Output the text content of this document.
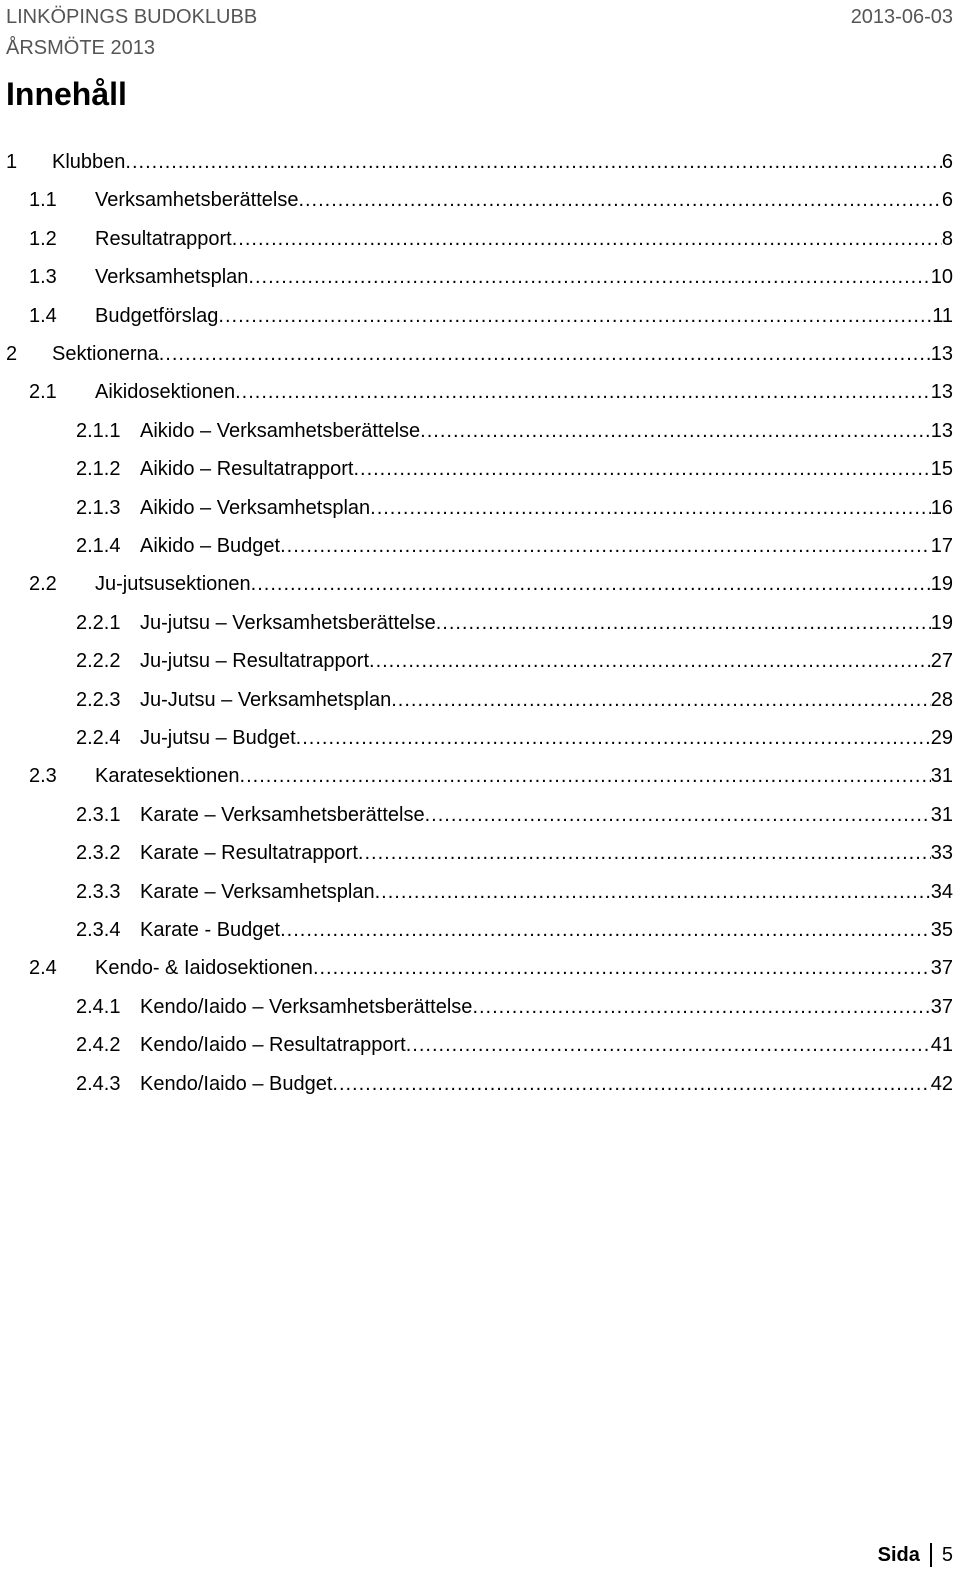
LINKÖPINGS BUDOKLUBB
ÅRSMÖTE 2013
2013-06-03
Innehåll
1 Klubben .....	6
1.1 Verksamhetsberättelse .....	6
1.2 Resultatrapport .....	8
1.3 Verksamhetsplan .....	10
1.4 Budgetförslag .....	11
2 Sektionerna .....	13
2.1 Aikidosektionen .....	13
2.1.1 Aikido – Verksamhetsberättelse .....	13
2.1.2 Aikido – Resultatrapport .....	15
2.1.3 Aikido – Verksamhetsplan .....	16
2.1.4 Aikido – Budget .....	17
2.2 Ju-jutsusektionen .....	19
2.2.1 Ju-jutsu – Verksamhetsberättelse .....	19
2.2.2 Ju-jutsu – Resultatrapport .....	27
2.2.3 Ju-Jutsu – Verksamhetsplan .....	28
2.2.4 Ju-jutsu – Budget .....	29
2.3 Karatesektionen .....	31
2.3.1 Karate – Verksamhetsberättelse .....	31
2.3.2 Karate – Resultatrapport .....	33
2.3.3 Karate – Verksamhetsplan .....	34
2.3.4 Karate - Budget .....	35
2.4 Kendo- & Iaidosektionen .....	37
2.4.1 Kendo/Iaido – Verksamhetsberättelse .....	37
2.4.2 Kendo/Iaido – Resultatrapport .....	41
2.4.3 Kendo/Iaido – Budget .....	42
Sida 5
